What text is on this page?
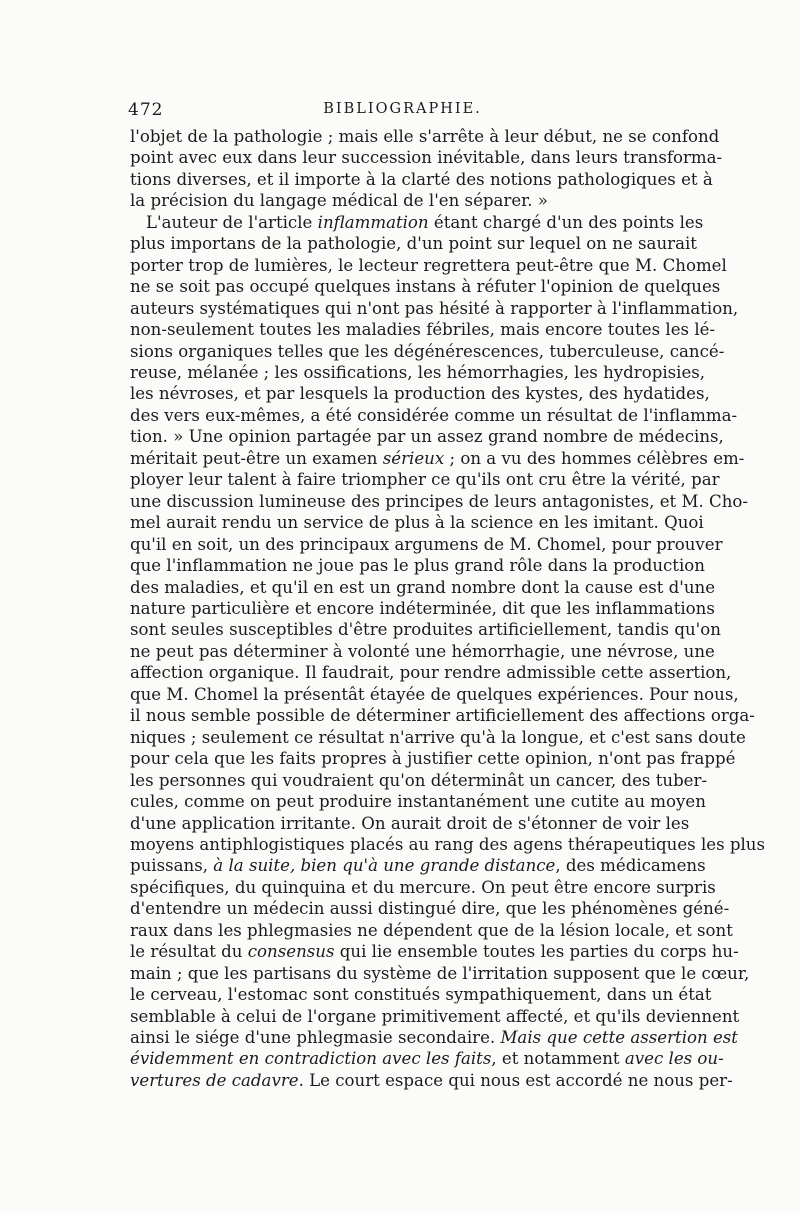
472	BIBLIOGRAPHIE.
l'objet de la pathologie ; mais elle s'arrête à leur début, ne se confond
point avec eux dans leur succession inévitable, dans leurs transforma-
tions diverses, et il importe à la clarté des notions pathologiques et à
la précision du langage médical de l'en séparer. »
L'auteur de l'article inflammation étant chargé d'un des points les
plus importans de la pathologie, d'un point sur lequel on ne saurait
porter trop de lumières, le lecteur regrettera peut-être que M. Chomel
ne se soit pas occupé quelques instans à réfuter l'opinion de quelques
auteurs systématiques qui n'ont pas hésité à rapporter à l'inflammation,
non-seulement toutes les maladies fébriles, mais encore toutes les lé-
sions organiques telles que les dégénérescences, tuberculeuse, cancé-
reuse, mélanée ; les ossifications, les hémorrhagies, les hydropisies,
les névroses, et par lesquels la production des kystes, des hydatides,
des vers eux-mêmes, a été considérée comme un résultat de l'inflamma-
tion. » Une opinion partagée par un assez grand nombre de médecins,
méritait peut-être un examen sérieux ; on a vu des hommes célèbres em-
ployer leur talent à faire triompher ce qu'ils ont cru être la vérité, par
une discussion lumineuse des principes de leurs antagonistes, et M. Cho-
mel aurait rendu un service de plus à la science en les imitant. Quoi
qu'il en soit, un des principaux argumens de M. Chomel, pour prouver
que l'inflammation ne joue pas le plus grand rôle dans la production
des maladies, et qu'il en est un grand nombre dont la cause est d'une
nature particulière et encore indéterminée, dit que les inflammations
sont seules susceptibles d'être produites artificiellement, tandis qu'on
ne peut pas déterminer à volonté une hémorrhagie, une névrose, une
affection organique. Il faudrait, pour rendre admissible cette assertion,
que M. Chomel la présentât étayée de quelques expériences. Pour nous,
il nous semble possible de déterminer artificiellement des affections orga-
niques ; seulement ce résultat n'arrive qu'à la longue, et c'est sans doute
pour cela que les faits propres à justifier cette opinion, n'ont pas frappé
les personnes qui voudraient qu'on déterminât un cancer, des tuber-
cules, comme on peut produire instantanément une cutite au moyen
d'une application irritante. On aurait droit de s'étonner de voir les
moyens antiphlogistiques placés au rang des agens thérapeutiques les plus
puissans, à la suite, bien qu'à une grande distance, des médicamens
spécifiques, du quinquina et du mercure. On peut être encore surpris
d'entendre un médecin aussi distingué dire, que les phénomènes géné-
raux dans les phlegmasies ne dépendent que de la lésion locale, et sont
le résultat du consensus qui lie ensemble toutes les parties du corps hu-
main ; que les partisans du système de l'irritation supposent que le cœur,
le cerveau, l'estomac sont constitués sympathiquement, dans un état
semblable à celui de l'organe primitivement affecté, et qu'ils deviennent
ainsi le siége d'une phlegmasie secondaire. Mais que cette assertion est
évidemment en contradiction avec les faits, et notamment avec les ou-
vertures de cadavre. Le court espace qui nous est accordé ne nous per-
